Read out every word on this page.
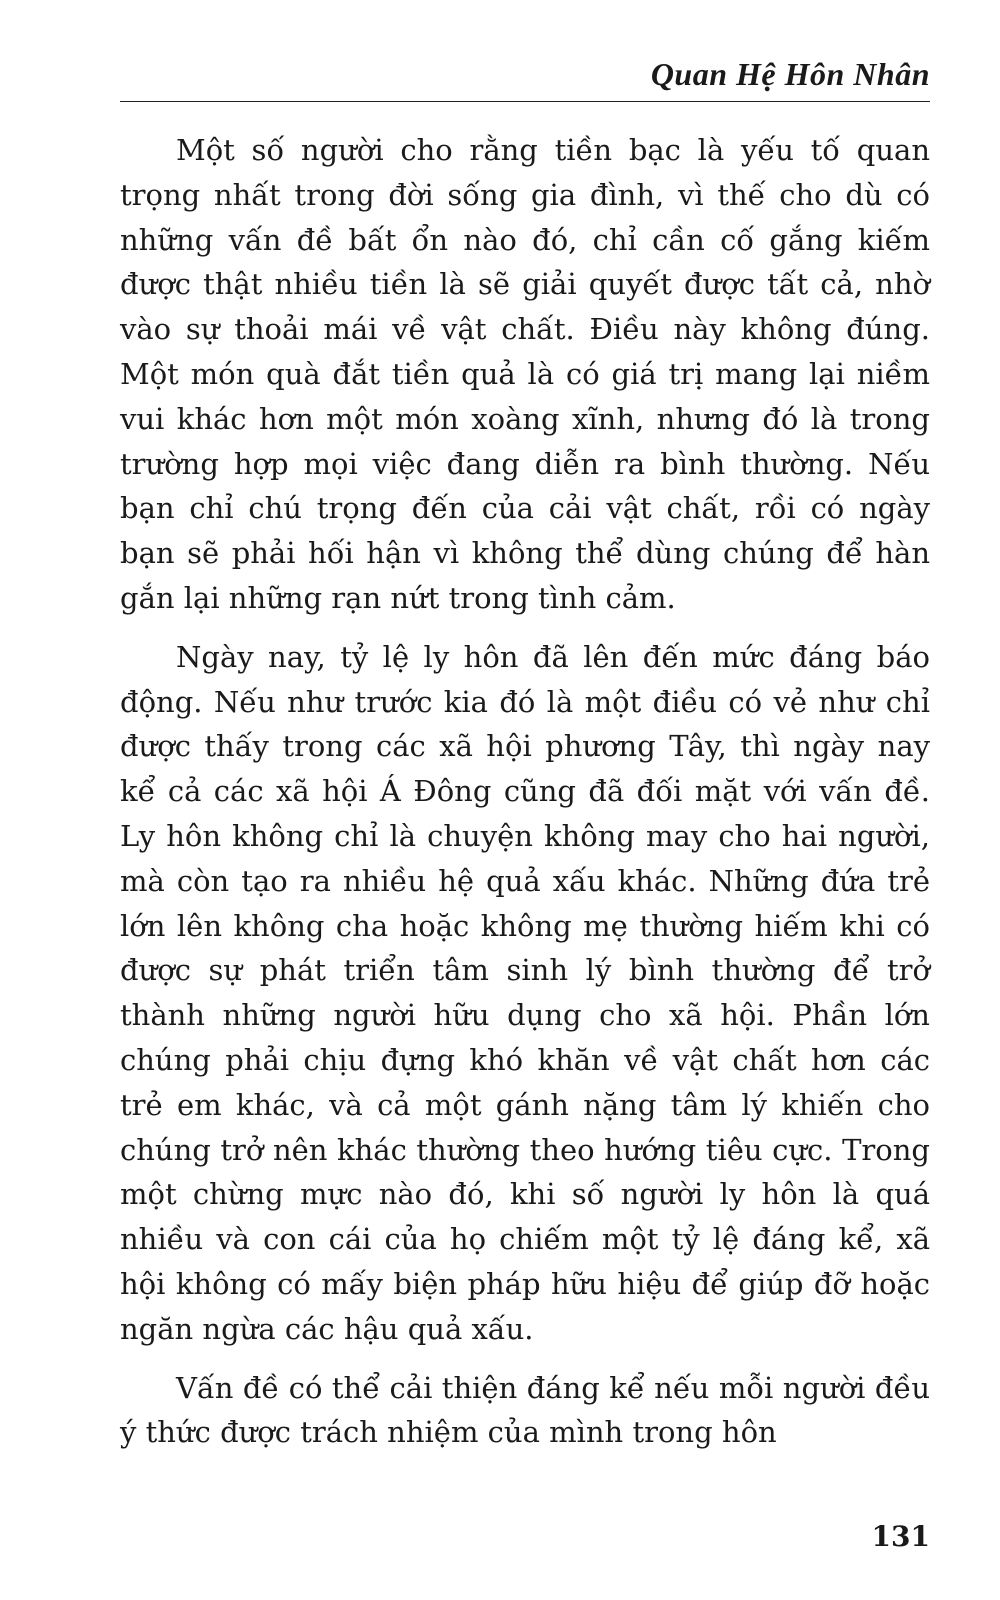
Quan Hệ Hôn Nhân

Một số người cho rằng tiền bạc là yếu tố quan trọng nhất trong đời sống gia đình, vì thế cho dù có những vấn đề bất ổn nào đó, chỉ cần cố gắng kiếm được thật nhiều tiền là sẽ giải quyết được tất cả, nhờ vào sự thoải mái về vật chất. Điều này không đúng. Một món quà đắt tiền quả là có giá trị mang lại niềm vui khác hơn một món xoàng xĩnh, nhưng đó là trong trường hợp mọi việc đang diễn ra bình thường. Nếu bạn chỉ chú trọng đến của cải vật chất, rồi có ngày bạn sẽ phải hối hận vì không thể dùng chúng để hàn gắn lại những rạn nứt trong tình cảm.

Ngày nay, tỷ lệ ly hôn đã lên đến mức đáng báo động. Nếu như trước kia đó là một điều có vẻ như chỉ được thấy trong các xã hội phương Tây, thì ngày nay kể cả các xã hội Á Đông cũng đã đối mặt với vấn đề. Ly hôn không chỉ là chuyện không may cho hai người, mà còn tạo ra nhiều hệ quả xấu khác. Những đứa trẻ lớn lên không cha hoặc không mẹ thường hiếm khi có được sự phát triển tâm sinh lý bình thường để trở thành những người hữu dụng cho xã hội. Phần lớn chúng phải chịu đựng khó khăn về vật chất hơn các trẻ em khác, và cả một gánh nặng tâm lý khiến cho chúng trở nên khác thường theo hướng tiêu cực. Trong một chừng mực nào đó, khi số người ly hôn là quá nhiều và con cái của họ chiếm một tỷ lệ đáng kể, xã hội không có mấy biện pháp hữu hiệu để giúp đỡ hoặc ngăn ngừa các hậu quả xấu.

Vấn đề có thể cải thiện đáng kể nếu mỗi người đều ý thức được trách nhiệm của mình trong hôn

131
